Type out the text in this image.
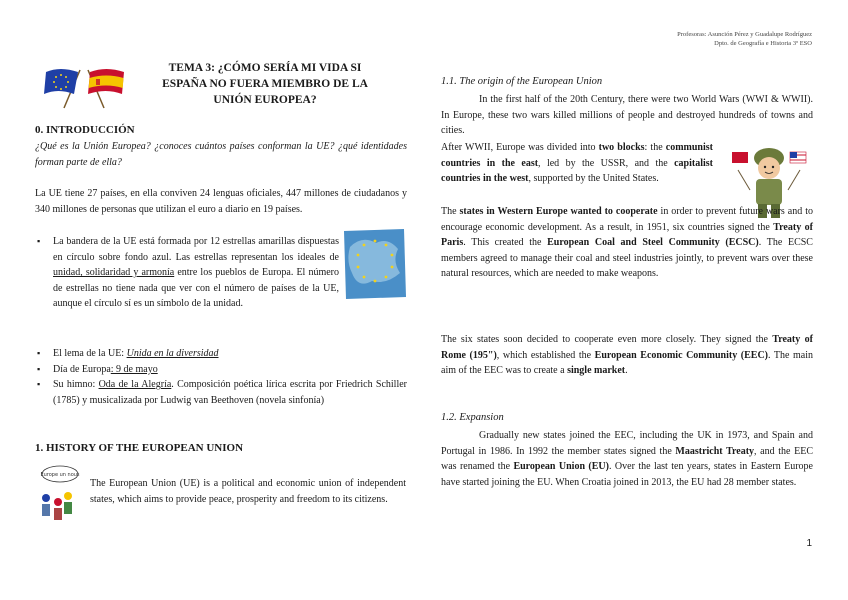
Profesoras: Asunción Pérez y Guadalupe Rodríguez
Dpto. de Geografía e Historia 3º ESO
TEMA 3: ¿CÓMO SERÍA MI VIDA SI
ESPAÑA NO FUERA MIEMBRO DE LA
UNIÓN EUROPEA?
0. INTRODUCCIÓN

¿Qué es la Unión Europea? ¿conoces cuántos países conforman la UE? ¿qué identidades forman parte de ella?

La UE tiene 27 países, en ella conviven 24 lenguas oficiales, 447 millones de ciudadanos y 340 millones de personas que utilizan el euro a diario en 19 países.

▪ La bandera de la UE está formada por 12 estrellas amarillas dispuestas en círculo sobre fondo azul. Las estrellas representan los ideales de unidad, solidaridad y armonía entre los pueblos de Europa. El número de estrellas no tiene nada que ver con el número de países de la UE, aunque el círculo sí es un símbolo de la unidad.
▪ El lema de la UE: Unida en la diversidad
▪ Día de Europa: 9 de mayo
▪ Su himno: Oda de la Alegría. Composición poética lírica escrita por Friedrich Schiller (1785) y musicalizada por Ludwig van Beethoven (novela sinfonía)
1. HISTORY OF THE EUROPEAN UNION
Europe un nous

The European Union (UE) is a political and economic union of independent states, which aims to provide peace, prosperity and freedom to its citizens.

1.1. The origin of the European Union

In the first half of the 20th Century, there were two World Wars (WWI & WWII). In Europe, these two wars killed millions of people and destroyed hundreds of towns and cities.

After WWII, Europe was divided into two blocks: the communist countries in the east, led by the USSR, and the capitalist countries in the west, supported by the United States.

The states in Western Europe wanted to cooperate in order to prevent future wars and to encourage economic development. As a result, in 1951, six countries signed the Treaty of Paris. This created the European Coal and Steel Community (ECSC). The ECSC members agreed to manage their coal and steel industries jointly, to prevent wars over these natural resources, which are needed to make weapons.

The six states soon decided to cooperate even more closely. They signed the Treaty of Rome (195"), which established the European Economic Community (EEC). The main aim of the EEC was to create a single market.

1.2. Expansion

Gradually new states joined the EEC, including the UK in 1973, and Spain and Portugal in 1986. In 1992 the member states signed the Maastricht Treaty, and the EEC was renamed the European Union (EU). Over the last ten years, states in Eastern Europe have started joining the EU. When Croatia joined in 2013, the EU had 28 member states.

1
